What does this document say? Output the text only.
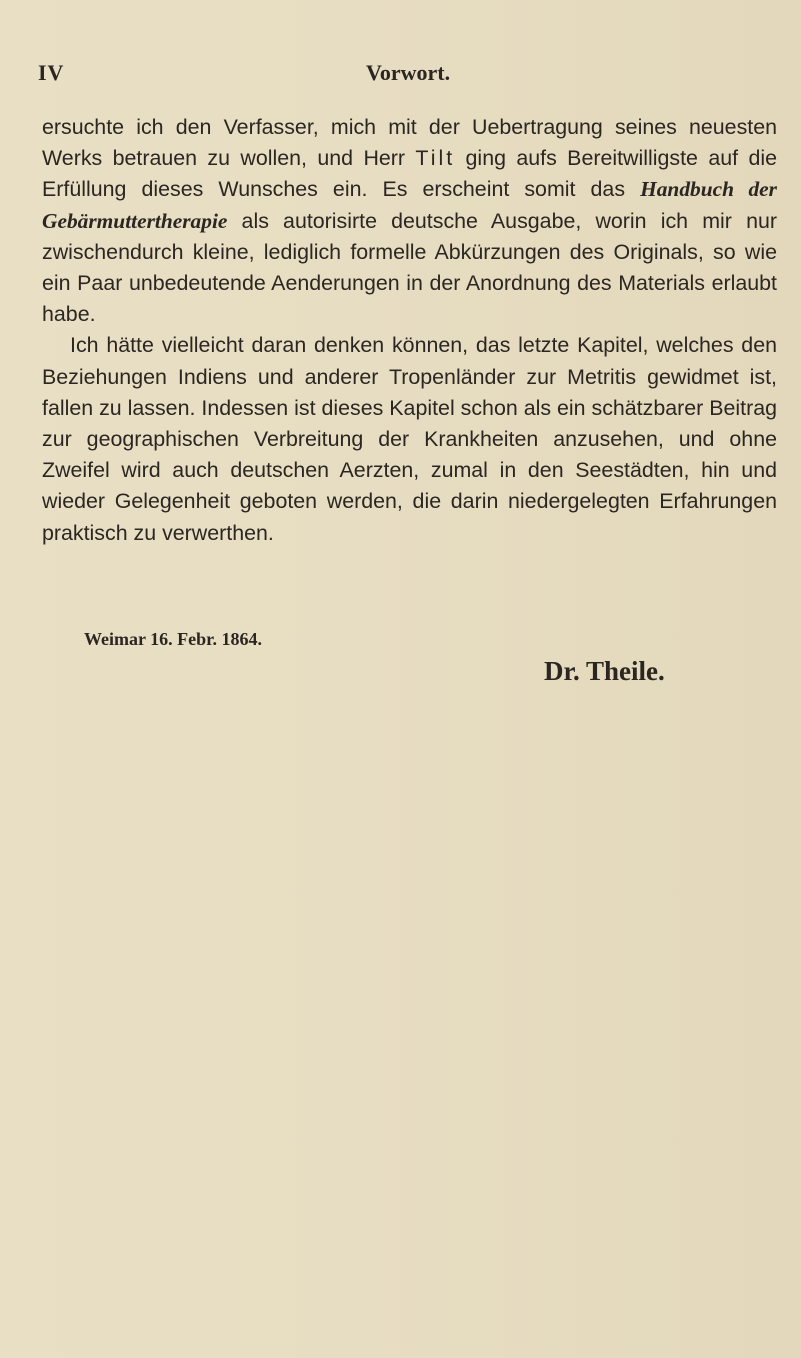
IV	Vorwort.

ersuchte ich den Verfasser, mich mit der Uebertragung seines neuesten Werks betrauen zu wollen, und Herr Tilt ging aufs Bereitwilligste auf die Erfüllung dieses Wunsches ein. Es erscheint somit das Handbuch der Gebärmuttertherapie als autorisirte deutsche Ausgabe, worin ich mir nur zwischendurch kleine, lediglich formelle Abkürzungen des Originals, so wie ein Paar unbedeutende Aenderungen in der Anordnung des Materials erlaubt habe.

Ich hätte vielleicht daran denken können, das letzte Kapitel, welches den Beziehungen Indiens und anderer Tropenländer zur Metritis gewidmet ist, fallen zu lassen. Indessen ist dieses Kapitel schon als ein schätzbarer Beitrag zur geographischen Verbreitung der Krankheiten anzusehen, und ohne Zweifel wird auch deutschen Aerzten, zumal in den Seestädten, hin und wieder Gelegenheit geboten werden, die darin niedergelegten Erfahrungen praktisch zu verwerthen.

Weimar 16. Febr. 1864.
Dr. Theile.
